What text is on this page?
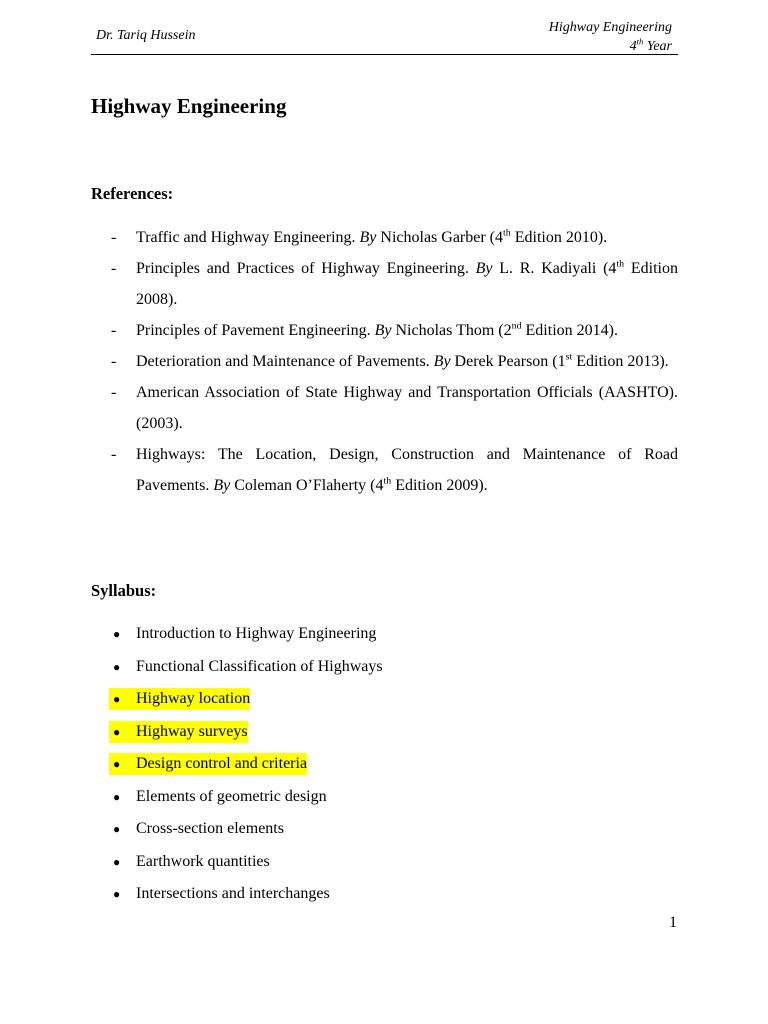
Dr. Tariq Hussein
Highway Engineering
4th Year
Highway Engineering
References:
- Traffic and Highway Engineering. By Nicholas Garber (4th Edition 2010).
- Principles and Practices of Highway Engineering. By L. R. Kadiyali (4th Edition 2008).
- Principles of Pavement Engineering. By Nicholas Thom (2nd Edition 2014).
- Deterioration and Maintenance of Pavements. By Derek Pearson (1st Edition 2013).
- American Association of State Highway and Transportation Officials (AASHTO). (2003).
- Highways: The Location, Design, Construction and Maintenance of Road Pavements. By Coleman O’Flaherty (4th Edition 2009).
Syllabus:
● Introduction to Highway Engineering
● Functional Classification of Highways
● Highway location
● Highway surveys
● Design control and criteria
● Elements of geometric design
● Cross-section elements
● Earthwork quantities
● Intersections and interchanges
1
